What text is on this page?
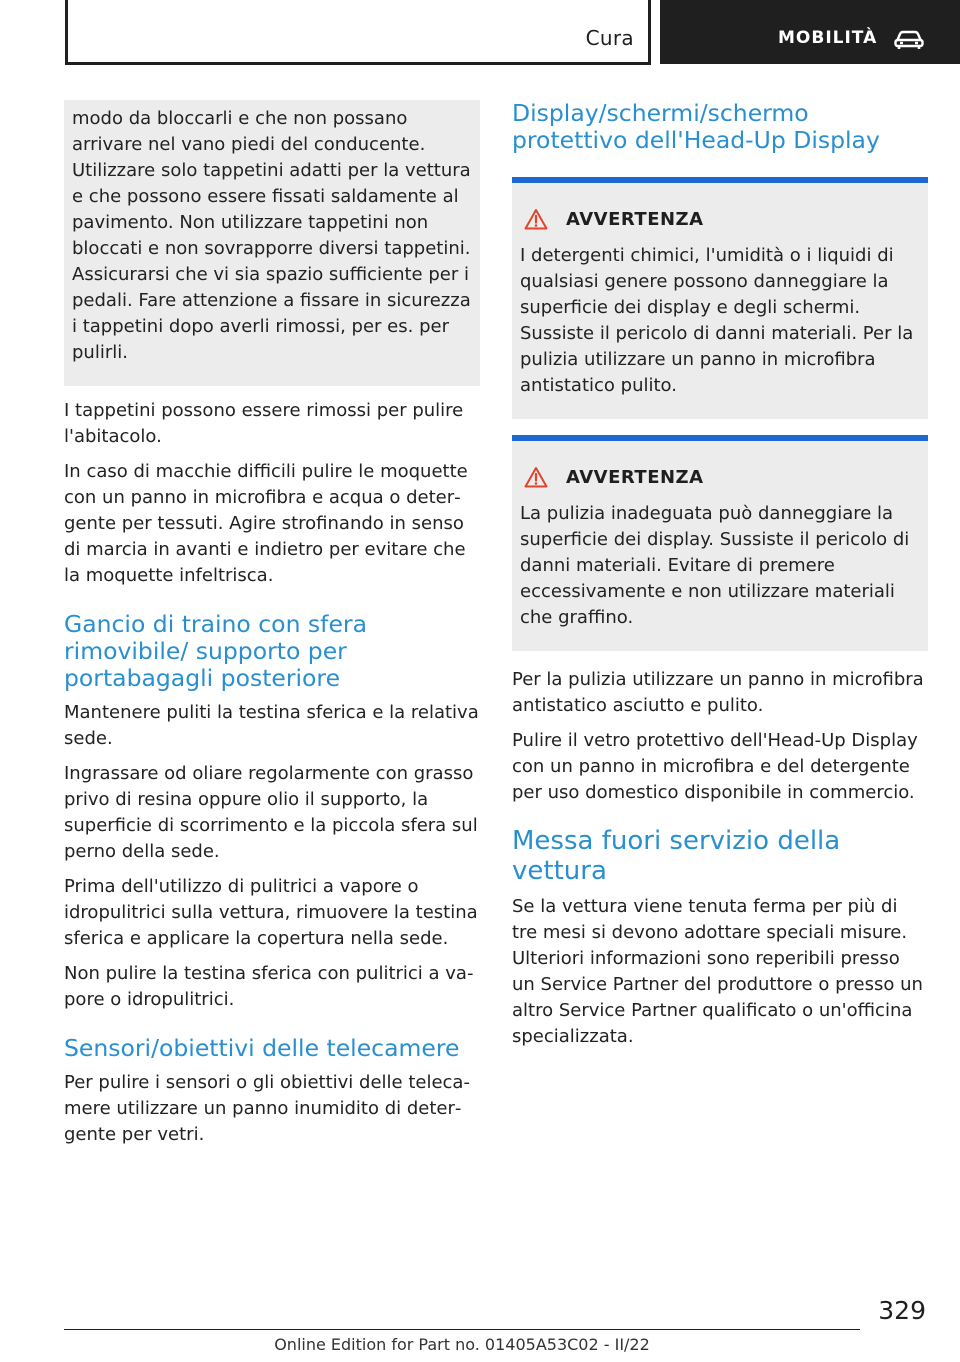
Cura	MOBILITÀ

modo da bloccarli e che non possano arrivare nel vano piedi del conducente. Utilizzare solo tappetini adatti per la vettura e che possono essere fissati saldamente al pavimento. Non utilizzare tappetini non bloccati e non sovrapporre diversi tappetini. Assicurarsi che vi sia spazio sufficiente per i pedali. Fare attenzione a fissare in sicurezza i tappetini dopo averli rimossi, per es. per pulirli.

I tappetini possono essere rimossi per pulire l'abitacolo.

In caso di macchie difficili pulire le moquette con un panno in microfibra e acqua o detergente per tessuti. Agire strofinando in senso di marcia in avanti e indietro per evitare che la moquette infeltrisca.

Gancio di traino con sfera rimovibile/ supporto per portabagagli posteriore

Mantenere puliti la testina sferica e la relativa sede.

Ingrassare od oliare regolarmente con grasso privo di resina oppure olio il supporto, la superficie di scorrimento e la piccola sfera sul perno della sede.

Prima dell'utilizzo di pulitrici a vapore o idropulitrici sulla vettura, rimuovere la testina sferica e applicare la copertura nella sede.

Non pulire la testina sferica con pulitrici a vapore o idropulitrici.

Sensori/obiettivi delle telecamere

Per pulire i sensori o gli obiettivi delle telecamere utilizzare un panno inumidito di detergente per vetri.

Display/schermi/schermo protettivo dell'Head-Up Display
AVVERTENZA

I detergenti chimici, l'umidità o i liquidi di qualsiasi genere possono danneggiare la superficie dei display e degli schermi. Sussiste il pericolo di danni materiali. Per la pulizia utilizzare un panno in microfibra antistatico pulito.

AVVERTENZA

La pulizia inadeguata può danneggiare la superficie dei display. Sussiste il pericolo di danni materiali. Evitare di premere eccessivamente e non utilizzare materiali che graffino.

Per la pulizia utilizzare un panno in microfibra antistatico asciutto e pulito.

Pulire il vetro protettivo dell'Head-Up Display con un panno in microfibra e del detergente per uso domestico disponibile in commercio.

Messa fuori servizio della vettura

Se la vettura viene tenuta ferma per più di tre mesi si devono adottare speciali misure. Ulteriori informazioni sono reperibili presso un Service Partner del produttore o presso un altro Service Partner qualificato o un'officina specializzata.

329
Online Edition for Part no. 01405A53C02 - II/22
